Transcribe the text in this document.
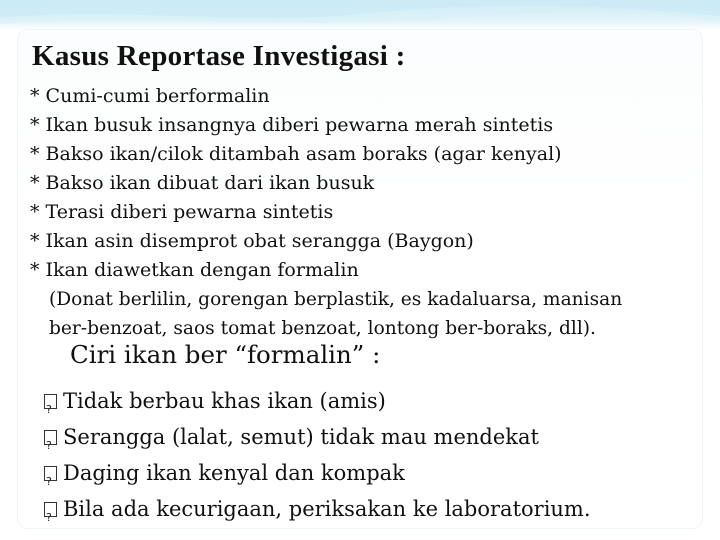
Kasus Reportase Investigasi :
* Cumi-cumi berformalin
* Ikan busuk insangnya diberi pewarna merah sintetis
* Bakso ikan/cilok ditambah asam boraks (agar kenyal)
* Bakso ikan dibuat dari ikan busuk
* Terasi diberi pewarna sintetis
* Ikan asin disemprot obat serangga (Baygon)
* Ikan diawetkan dengan formalin
(Donat berlilin, gorengan berplastik, es kadaluarsa, manisan
ber-benzoat, saos tomat benzoat, lontong ber-boraks, dll).
Ciri ikan ber “formalin” :
?Tidak berbau khas ikan (amis)
?Serangga (lalat, semut) tidak mau mendekat
?Daging ikan kenyal dan kompak
?Bila ada kecurigaan, periksakan ke laboratorium.
